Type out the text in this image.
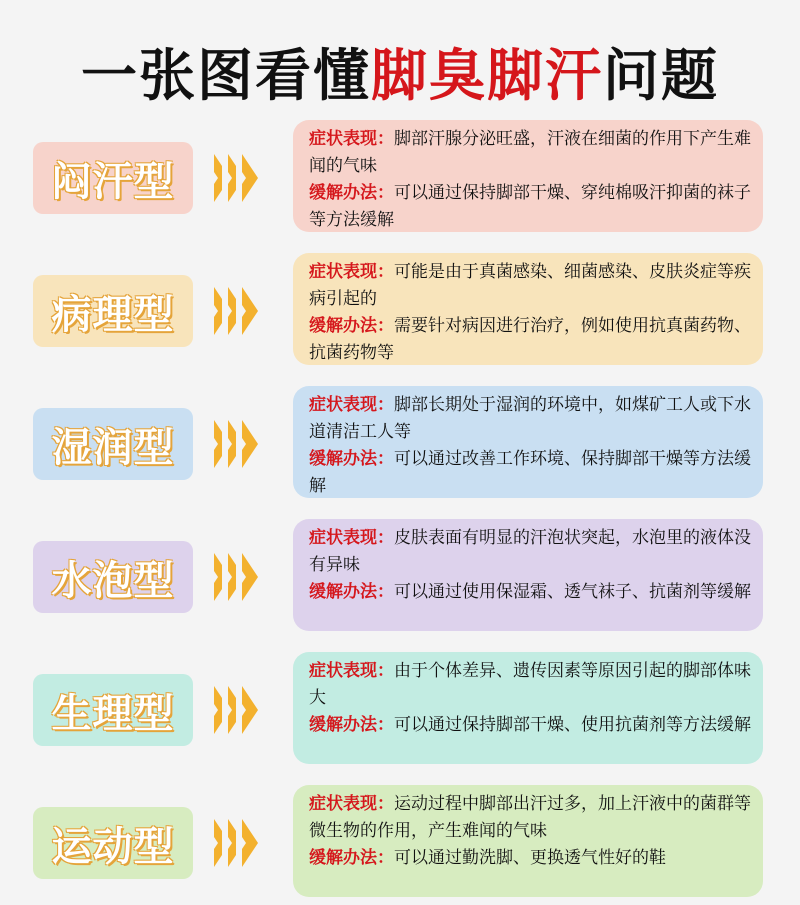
一张图看懂脚臭脚汗问题
闷汗型
症状表现：脚部汗腺分泌旺盛，汗液在细菌的作用下产生难闻的气味
缓解办法：可以通过保持脚部干燥、穿纯棉吸汗抑菌的袜子等方法缓解
病理型
症状表现：可能是由于真菌感染、细菌感染、皮肤炎症等疾病引起的
缓解办法：需要针对病因进行治疗，例如使用抗真菌药物、抗菌药物等
湿润型
症状表现：脚部长期处于湿润的环境中，如煤矿工人或下水道清洁工人等
缓解办法：可以通过改善工作环境、保持脚部干燥等方法缓解
水泡型
症状表现：皮肤表面有明显的汗泡状突起，水泡里的液体没有异味
缓解办法：可以通过使用保湿霜、透气袜子、抗菌剂等缓解
生理型
症状表现：由于个体差异、遗传因素等原因引起的脚部体味大
缓解办法：可以通过保持脚部干燥、使用抗菌剂等方法缓解
运动型
症状表现：运动过程中脚部出汗过多，加上汗液中的菌群等微生物的作用，产生难闻的气味
缓解办法：可以通过勤洗脚、更换透气性好的鞋
